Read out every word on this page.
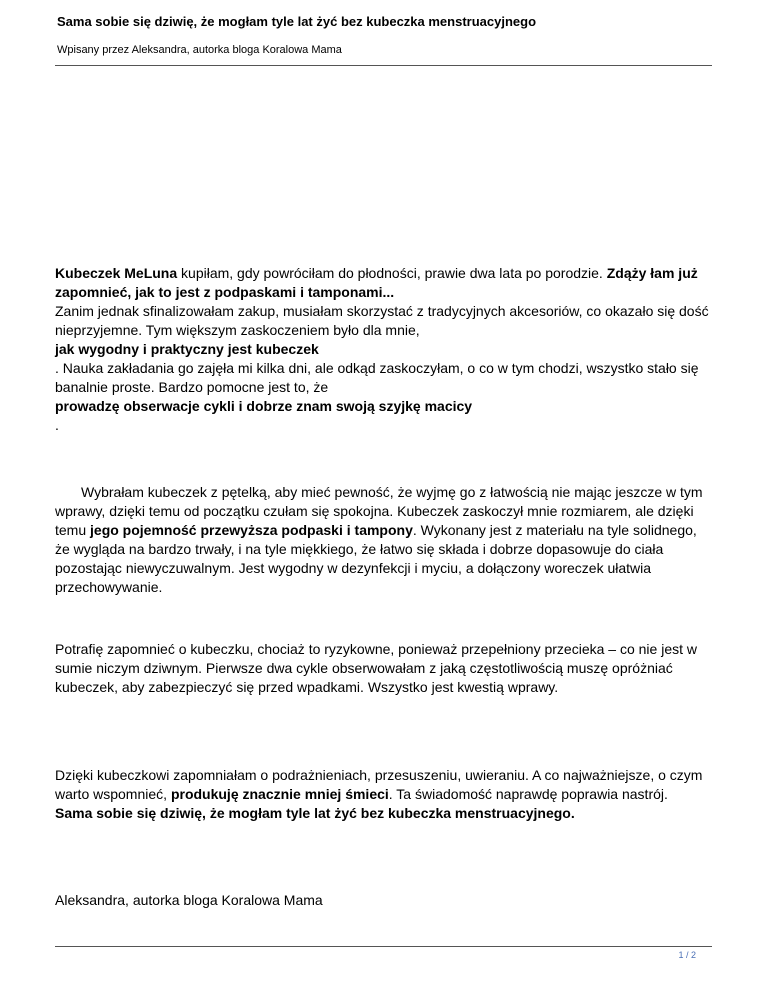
Sama sobie się dziwię, że mogłam tyle lat żyć bez kubeczka menstruacyjnego
Wpisany przez Aleksandra, autorka bloga Koralowa Mama

Kubeczek MeLuna kupiłam, gdy powróciłam do płodności, prawie dwa lata po porodzie. Zdąży łam już zapomnieć, jak to jest z podpaskami i tamponami...

Zanim jednak sfinalizowałam zakup, musiałam skorzystać z tradycyjnych akcesoriów, co okazało się dość nieprzyjemne. Tym większym zaskoczeniem było dla mnie,

jak wygodny i praktyczny jest kubeczek

. Nauka zakładania go zajęła mi kilka dni, ale odkąd zaskoczyłam, o co w tym chodzi, wszystko stało się banalnie proste. Bardzo pomocne jest to, że

prowadzę obserwacje cykli i dobrze znam swoją szyjkę macicy

.

Wybrałam kubeczek z pętelką, aby mieć pewność, że wyjmę go z łatwością nie mając jeszcze w tym wprawy, dzięki temu od początku czułam się spokojna. Kubeczek zaskoczył mnie rozmiarem, ale dzięki temu jego pojemność przewyższa podpaski i tampony. Wykonany jest z materiału na tyle solidnego, że wygląda na bardzo trwały, i na tyle miękkiego, że łatwo się składa i dobrze dopasowuje do ciała pozostając niewyczuwalnym. Jest wygodny w dezynfekcji i myciu, a dołączony woreczek ułatwia przechowywanie.

Potrafię zapomnieć o kubeczku, chociaż to ryzykowne, ponieważ przepełniony przecieka – co nie jest w sumie niczym dziwnym. Pierwsze dwa cykle obserwowałam z jaką częstotliwością muszę opróżniać kubeczek, aby zabezpieczyć się przed wpadkami. Wszystko jest kwestią wprawy.

Dzięki kubeczkowi zapomniałam o podrażnieniach, przesuszeniu, uwieraniu. A co najważniejsze, o czym warto wspomnieć, produkuję znacznie mniej śmieci. Ta świadomość naprawdę poprawia nastrój.

Sama sobie się dziwię, że mogłam tyle lat żyć bez kubeczka menstruacyjnego.

Aleksandra, autorka bloga Koralowa Mama

1 / 2
